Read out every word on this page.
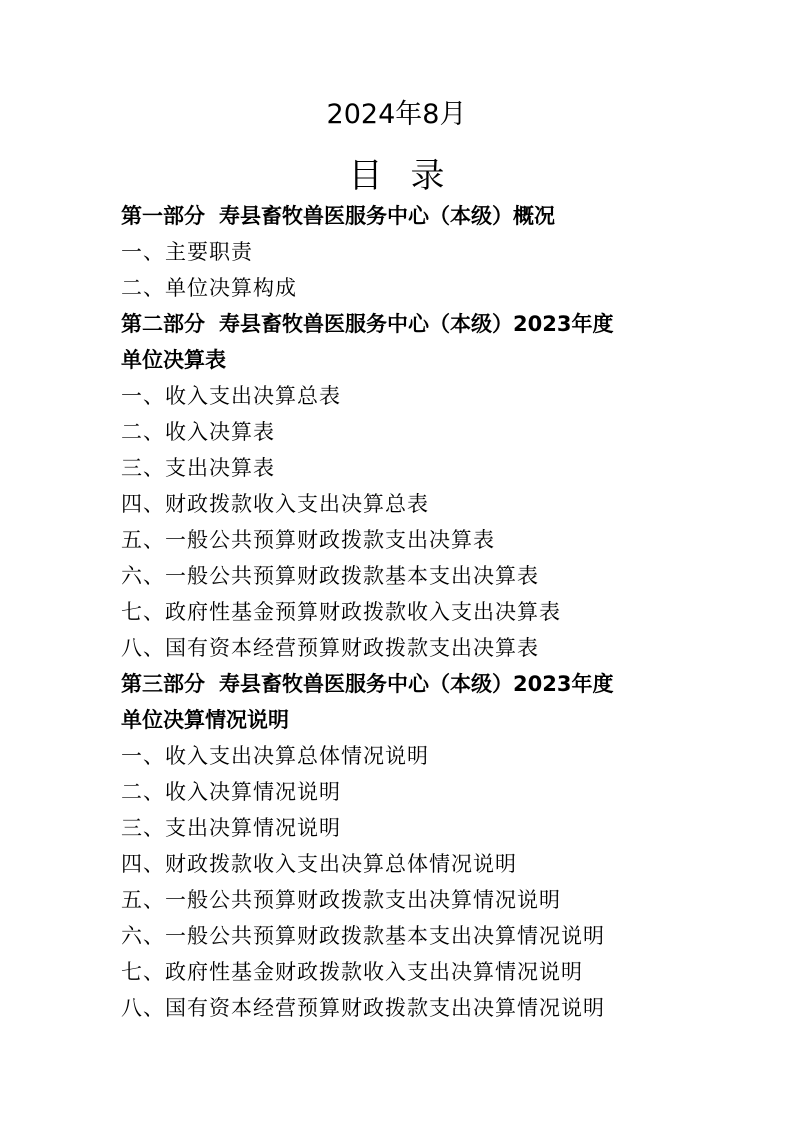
2024年8月
目录
第一部分 寿县畜牧兽医服务中心（本级）概况
一、主要职责
二、单位决算构成
第二部分 寿县畜牧兽医服务中心（本级）2023年度
单位决算表
一、收入支出决算总表
二、收入决算表
三、支出决算表
四、财政拨款收入支出决算总表
五、一般公共预算财政拨款支出决算表
六、一般公共预算财政拨款基本支出决算表
七、政府性基金预算财政拨款收入支出决算表
八、国有资本经营预算财政拨款支出决算表
第三部分 寿县畜牧兽医服务中心（本级）2023年度
单位决算情况说明
一、收入支出决算总体情况说明
二、收入决算情况说明
三、支出决算情况说明
四、财政拨款收入支出决算总体情况说明
五、一般公共预算财政拨款支出决算情况说明
六、一般公共预算财政拨款基本支出决算情况说明
七、政府性基金财政拨款收入支出决算情况说明
八、国有资本经营预算财政拨款支出决算情况说明
